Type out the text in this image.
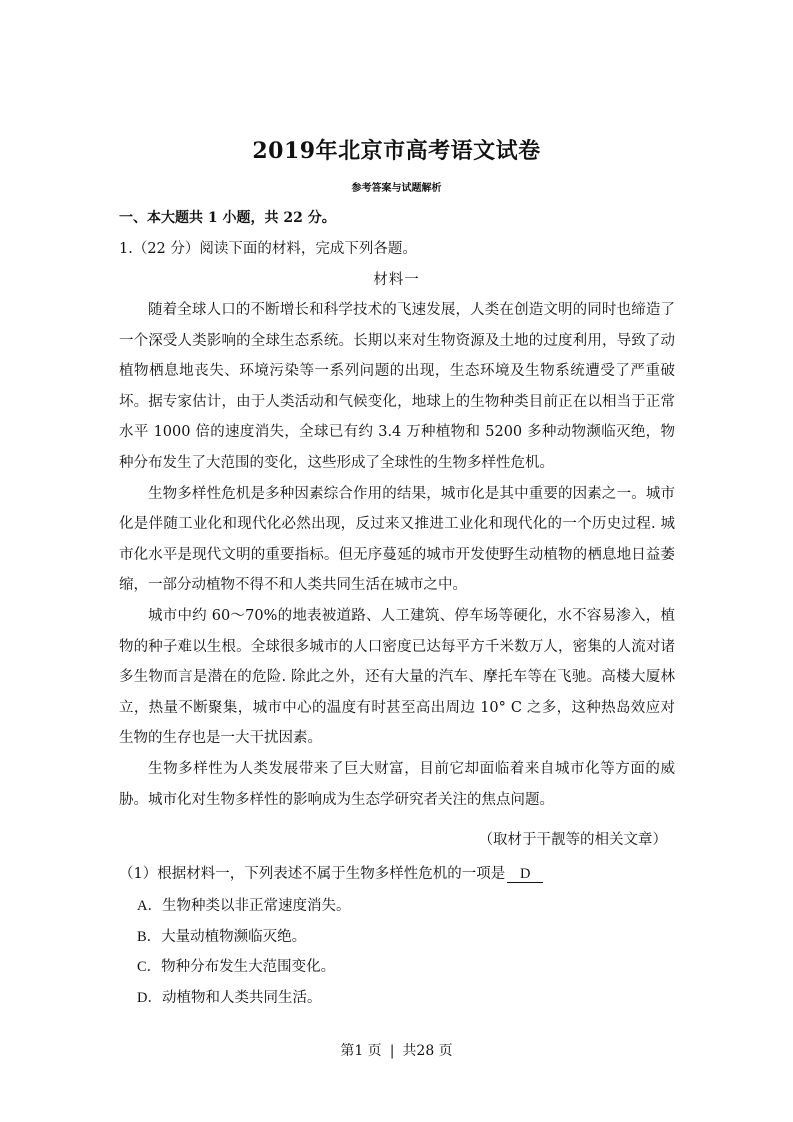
2019年北京市高考语文试卷
参考答案与试题解析
一、本大题共 1 小题，共 22 分。
1.（22 分）阅读下面的材料，完成下列各题。
材料一

随着全球人口的不断增长和科学技术的飞速发展，人类在创造文明的同时也缔造了一个深受人类影响的全球生态系统。长期以来对生物资源及土地的过度利用，导致了动植物栖息地丧失、环境污染等一系列问题的出现，生态环境及生物系统遭受了严重破坏。据专家估计，由于人类活动和气候变化，地球上的生物种类目前正在以相当于正常水平 1000 倍的速度消失，全球已有约 3.4 万种植物和 5200 多种动物濒临灭绝，物种分布发生了大范围的变化，这些形成了全球性的生物多样性危机。

生物多样性危机是多种因素综合作用的结果，城市化是其中重要的因素之一。城市化是伴随工业化和现代化必然出现，反过来又推进工业化和现代化的一个历史过程. 城市化水平是现代文明的重要指标。但无序蔓延的城市开发使野生动植物的栖息地日益萎缩，一部分动植物不得不和人类共同生活在城市之中。

城市中约 60～70%的地表被道路、人工建筑、停车场等硬化，水不容易渗入，植物的种子难以生根。全球很多城市的人口密度已达每平方千米数万人，密集的人流对诸多生物而言是潜在的危险. 除此之外，还有大量的汽车、摩托车等在飞驰。高楼大厦林立，热量不断聚集，城市中心的温度有时甚至高出周边 10° C 之多，这种热岛效应对生物的生存也是一大干扰因素。

生物多样性为人类发展带来了巨大财富，目前它却面临着来自城市化等方面的威胁。城市化对生物多样性的影响成为生态学研究者关注的焦点问题。

（取材于干靓等的相关文章）
（1）根据材料一，下列表述不属于生物多样性危机的一项是 D
A．生物种类以非正常速度消失。
B．大量动植物濒临灭绝。
C．物种分布发生大范围变化。
D．动植物和人类共同生活。
第1 页 | 共28 页
